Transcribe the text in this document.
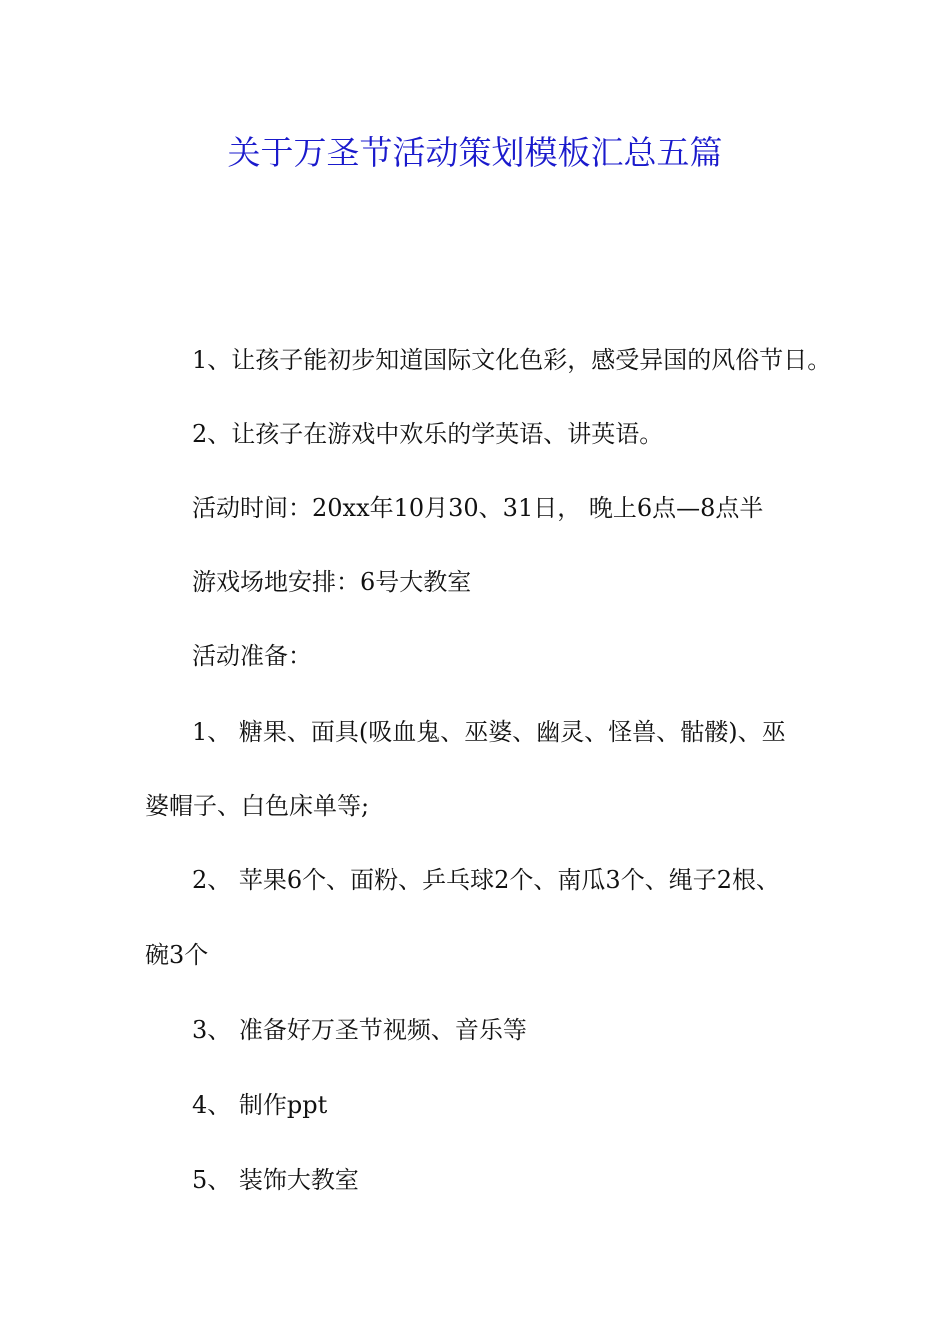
关于万圣节活动策划模板汇总五篇
1、让孩子能初步知道国际文化色彩，感受异国的风俗节日。
2、让孩子在游戏中欢乐的学英语、讲英语。
活动时间：20xx年10月30、31日， 晚上6点—8点半
游戏场地安排：6号大教室
活动准备：
1、 糖果、面具(吸血鬼、巫婆、幽灵、怪兽、骷髅)、巫
婆帽子、白色床单等;
2、 苹果6个、面粉、乒乓球2个、南瓜3个、绳子2根、
碗3个
3、 准备好万圣节视频、音乐等
4、 制作ppt
5、 装饰大教室
